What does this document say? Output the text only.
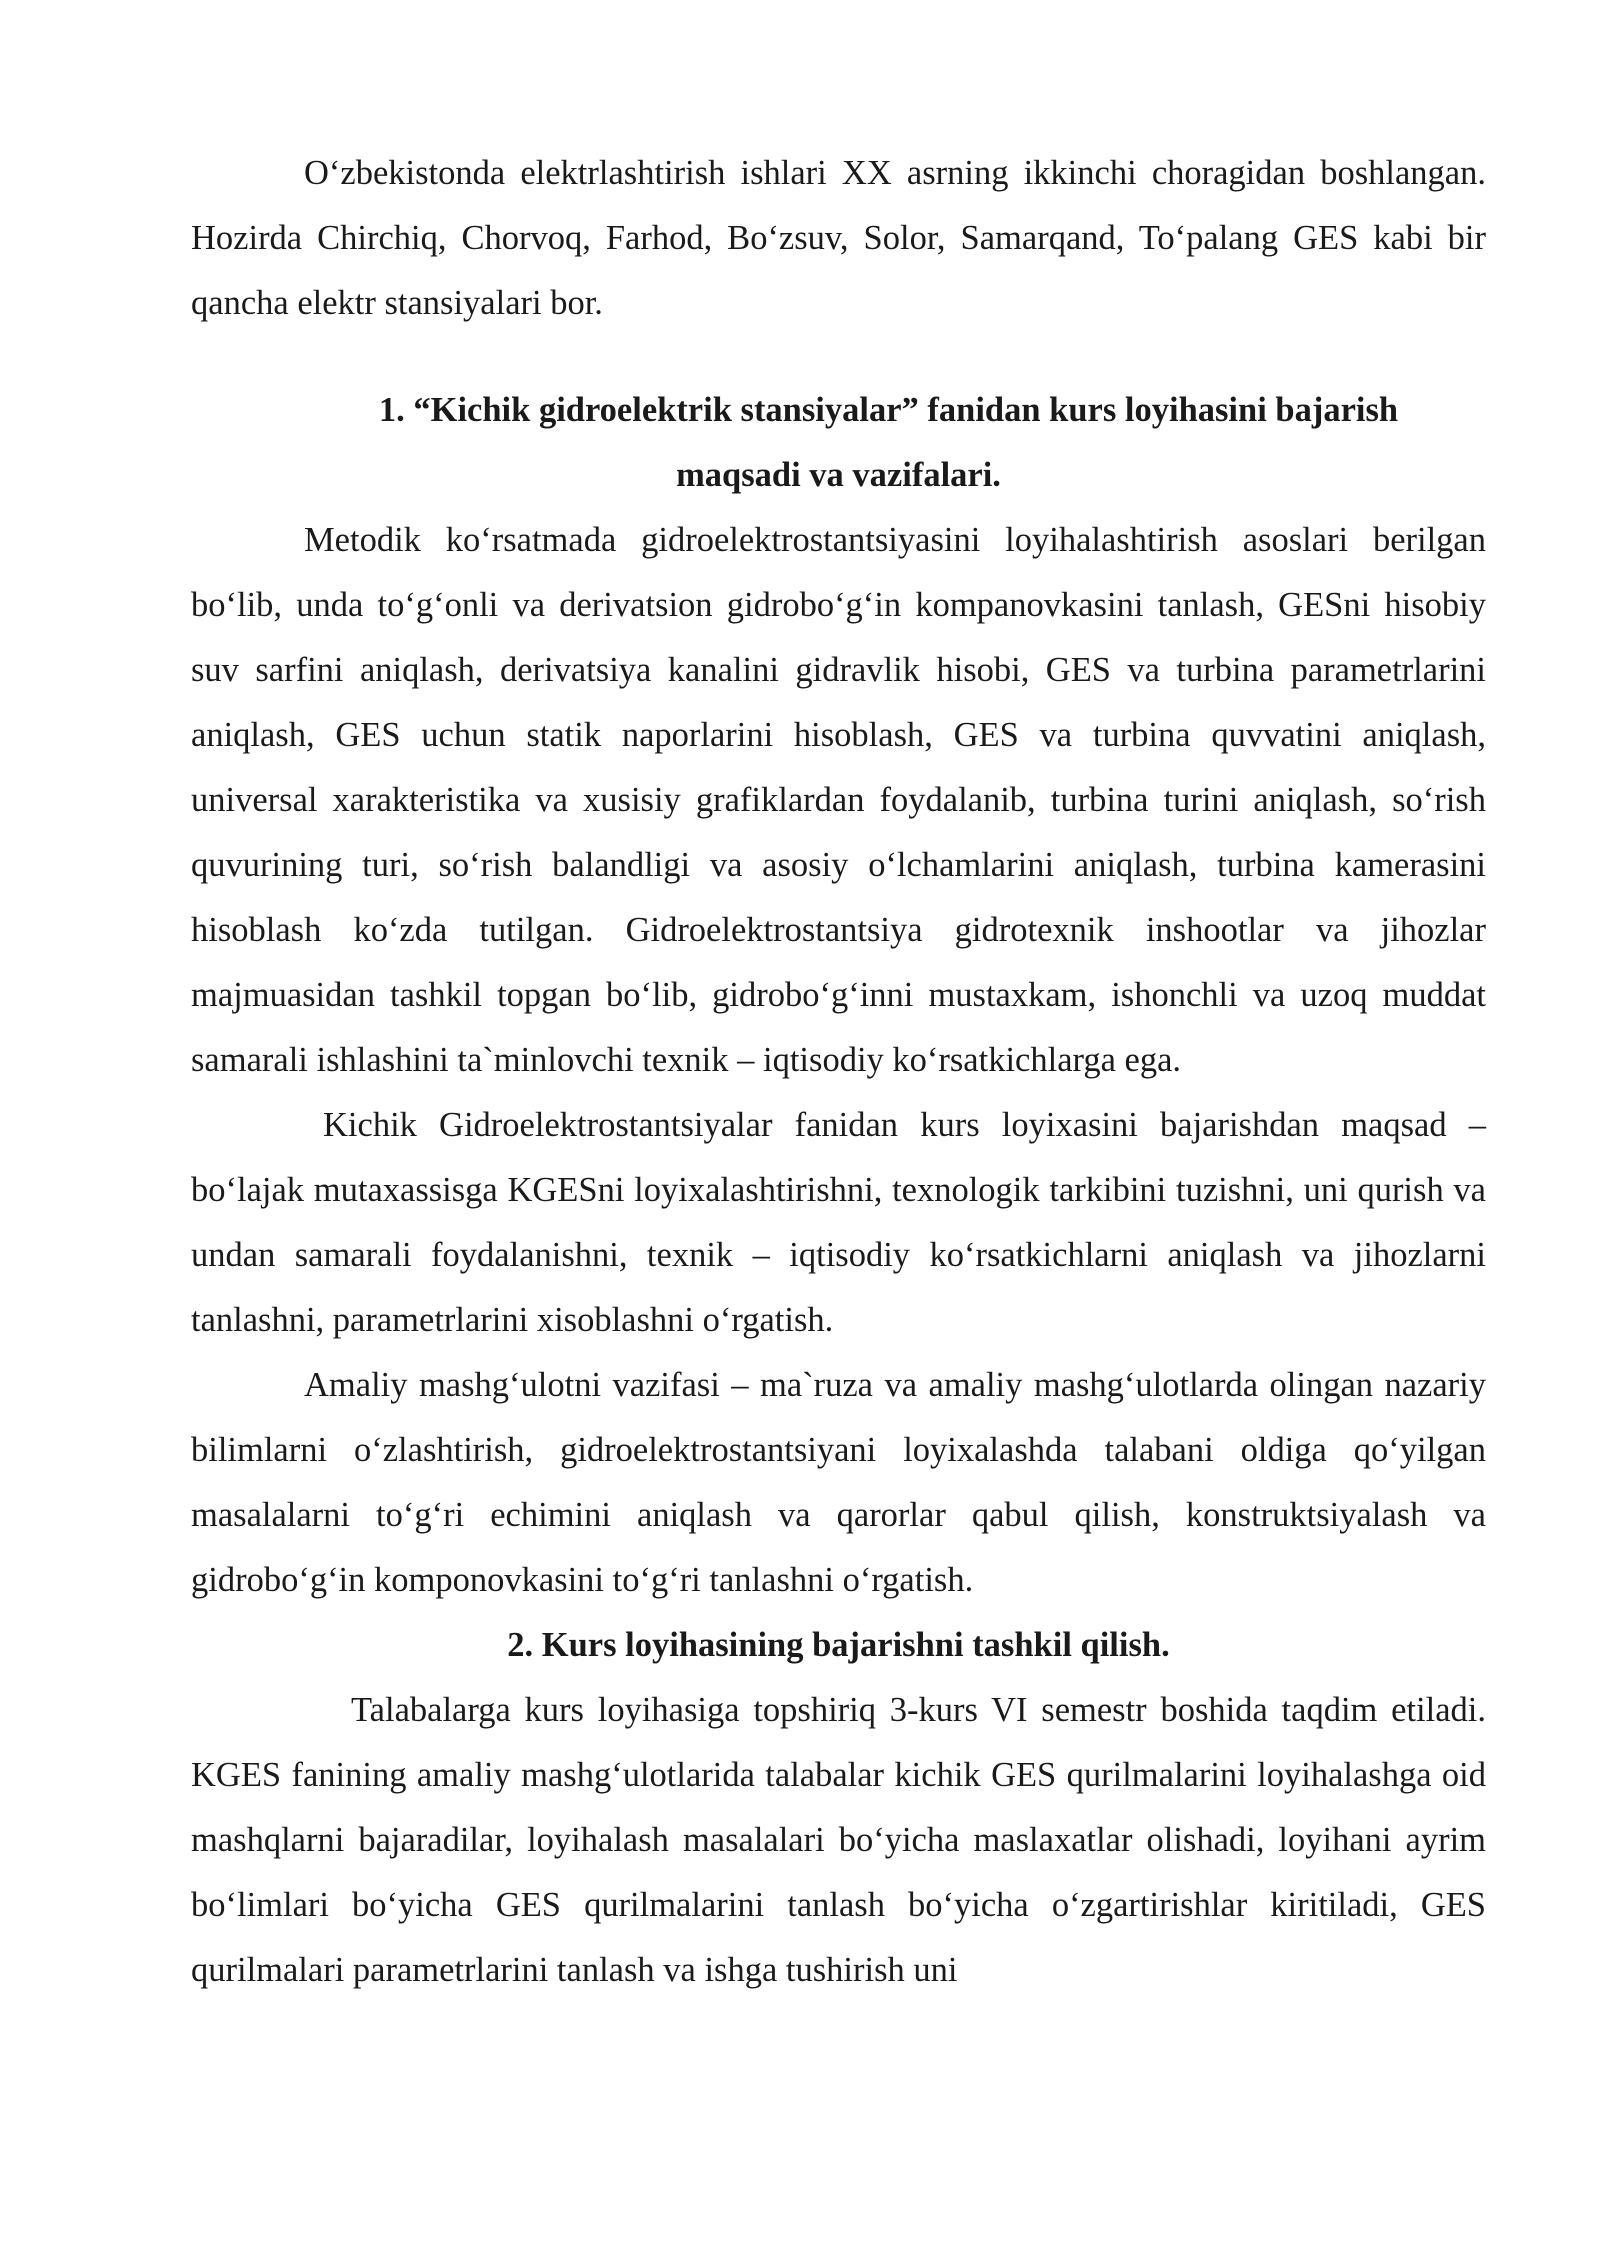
O‘zbekistonda elektrlashtirish ishlari XX asrning ikkinchi choragidan boshlangan. Hozirda Chirchiq, Chorvoq, Farhod, Bo‘zsuv, Solor, Samarqand, To‘palang GES kabi bir qancha elektr stansiyalari bor.

1. “Kichik gidroelektrik stansiyalar” fanidan kurs loyihasini bajarish
maqsadi va vazifalari.

Metodik ko‘rsatmada gidroelektrostantsiyasini loyihalashtirish asoslari berilgan bo‘lib, unda to‘g‘onli va derivatsion gidrobo‘g‘in kompanovkasini tanlash, GESni hisobiy suv sarfini aniqlash, derivatsiya kanalini gidravlik hisobi, GES va turbina parametrlarini aniqlash, GES uchun statik naporlarini hisoblash, GES va turbina quvvatini aniqlash, universal xarakteristika va xusisiy grafiklardan foydalanib, turbina turini aniqlash, so‘rish quvurining turi, so‘rish balandligi va asosiy o‘lchamlarini aniqlash, turbina kamerasini hisoblash ko‘zda tutilgan. Gidroelektrostantsiya gidrotexnik inshootlar va jihozlar majmuasidan tashkil topgan bo‘lib, gidrobo‘g‘inni mustaxkam, ishonchli va uzoq muddat samarali ishlashini ta`minlovchi texnik – iqtisodiy ko‘rsatkichlarga ega.

Kichik Gidroelektrostantsiyalar fanidan kurs loyixasini bajarishdan maqsad – bo‘lajak mutaxassisga KGESni loyixalashtirishni, texnologik tarkibini tuzishni, uni qurish va undan samarali foydalanishni, texnik – iqtisodiy ko‘rsatkichlarni aniqlash va jihozlarni tanlashni, parametrlarini xisoblashni o‘rgatish.

Amaliy mashg‘ulotni vazifasi – ma`ruza va amaliy mashg‘ulotlarda olingan nazariy bilimlarni o‘zlashtirish, gidroelektrostantsiyani loyixalashda talabani oldiga qo‘yilgan masalalarni to‘g‘ri echimini aniqlash va qarorlar qabul qilish, konstruktsiyalash va gidrobo‘g‘in komponovkasini to‘g‘ri tanlashni o‘rgatish.

2. Kurs loyihasining bajarishni tashkil qilish.

Talabalarga kurs loyihasiga topshiriq 3-kurs VI semestr boshida taqdim etiladi. KGES fanining amaliy mashg‘ulotlarida talabalar kichik GES qurilmalarini loyihalashga oid mashqlarni bajaradilar, loyihalash masalalari bo‘yicha maslaxatlar olishadi, loyihani ayrim bo‘limlari bo‘yicha GES qurilmalarini tanlash bo‘yicha o‘zgartirishlar kiritiladi, GES qurilmalari parametrlarini tanlash va ishga tushirish uni
